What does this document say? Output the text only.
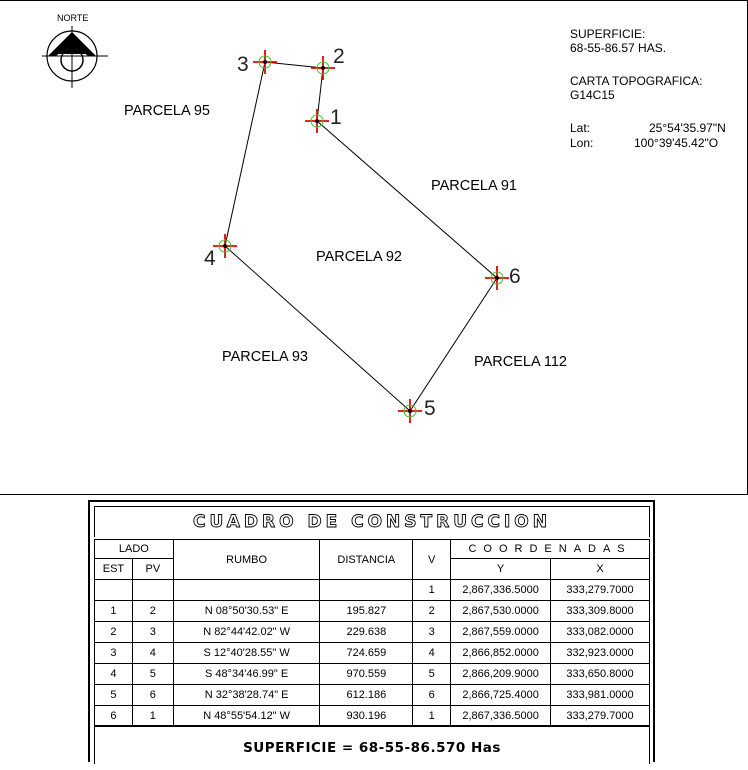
NORTE
1
2
3
4
5
6
PARCELA 95
PARCELA 91
PARCELA 92
PARCELA 93	PARCELA 112
SUPERFICIE:
68-55-86.57 HAS.
CARTA TOPOGRAFICA:
G14C15
Lat:	25°54'35.97"N
Lon:	100°39'45.42"O
CUADRO DE CONSTRUCCION
LADO		RUMBO	DISTANCIA	V	COORDENADAS	
EST	PV				Y	X
				1	2,867,336.5000	333,279.7000
1	2	N 08°50'30.53" E	195.827	2	2,867,530.0000	333,309.8000
2	3	N 82°44'42.02" W	229.638	3	2,867,559.0000	333,082.0000
3	4	S 12°40'28.55" W	724.659	4	2,866,852.0000	332,923.0000
4	5	S 48°34'46.99" E	970.559	5	2,866,209.9000	333,650.8000
5	6	N 32°38'28.74" E	612.186	6	2,866,725.4000	333,981.0000
6	1	N 48°55'54.12" W	930.196	1	2,867,336.5000	333,279.7000
SUPERFICIE = 68-55-86.570 Has
